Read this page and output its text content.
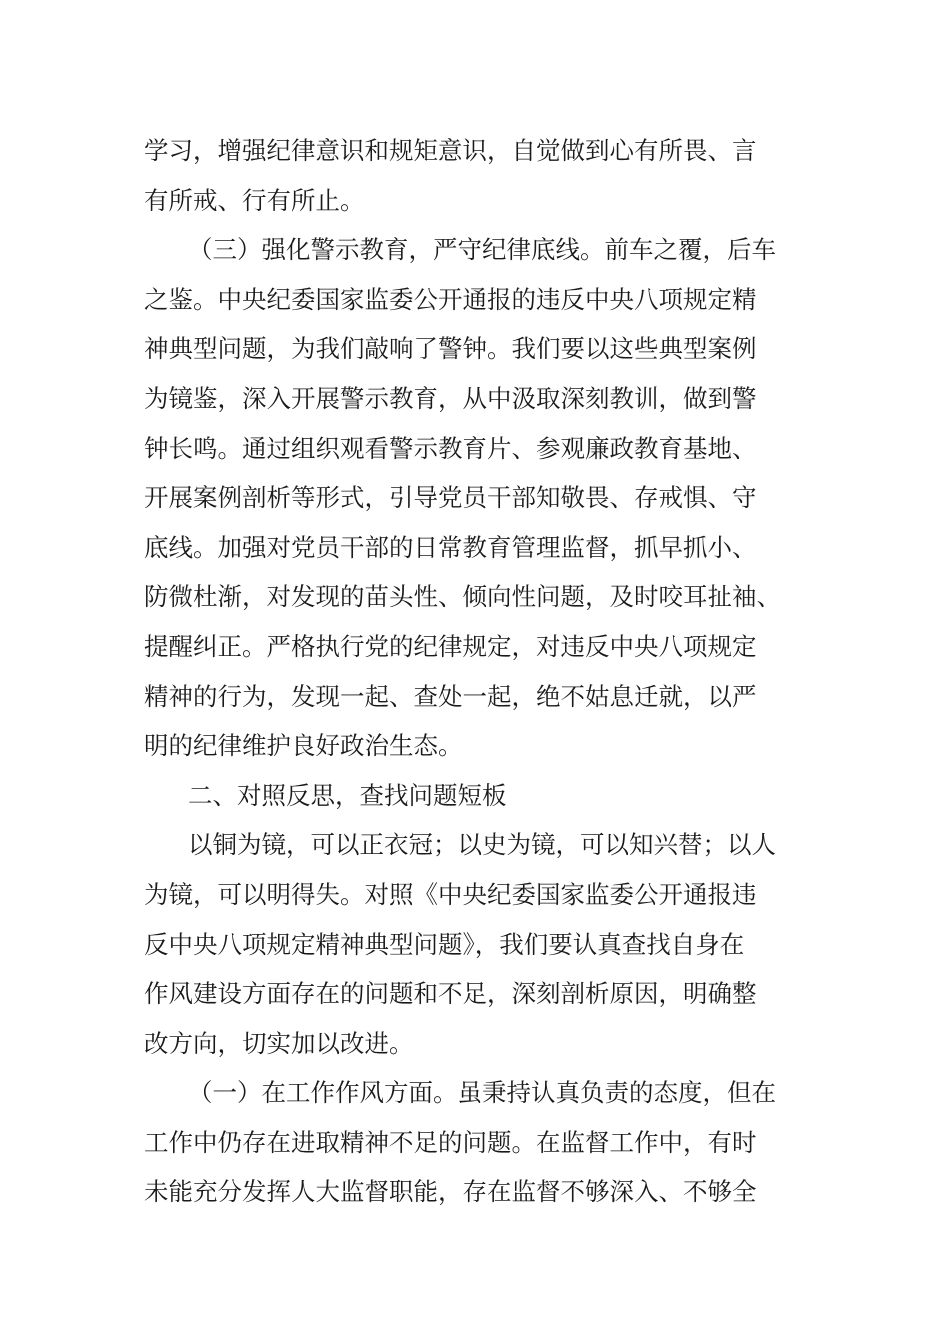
学习，增强纪律意识和规矩意识，自觉做到心有所畏、言
有所戒、行有所止。

（三）强化警示教育，严守纪律底线。前车之覆，后车
之鉴。中央纪委国家监委公开通报的违反中央八项规定精
神典型问题，为我们敲响了警钟。我们要以这些典型案例
为镜鉴，深入开展警示教育，从中汲取深刻教训，做到警
钟长鸣。通过组织观看警示教育片、参观廉政教育基地、
开展案例剖析等形式，引导党员干部知敬畏、存戒惧、守
底线。加强对党员干部的日常教育管理监督，抓早抓小、
防微杜渐，对发现的苗头性、倾向性问题，及时咬耳扯袖、
提醒纠正。严格执行党的纪律规定，对违反中央八项规定
精神的行为，发现一起、查处一起，绝不姑息迁就，以严
明的纪律维护良好政治生态。

二、对照反思，查找问题短板

以铜为镜，可以正衣冠；以史为镜，可以知兴替；以人
为镜，可以明得失。对照《中央纪委国家监委公开通报违
反中央八项规定精神典型问题》，我们要认真查找自身在
作风建设方面存在的问题和不足，深刻剖析原因，明确整
改方向，切实加以改进。

（一）在工作作风方面。虽秉持认真负责的态度，但在
工作中仍存在进取精神不足的问题。在监督工作中，有时
未能充分发挥人大监督职能，存在监督不够深入、不够全
